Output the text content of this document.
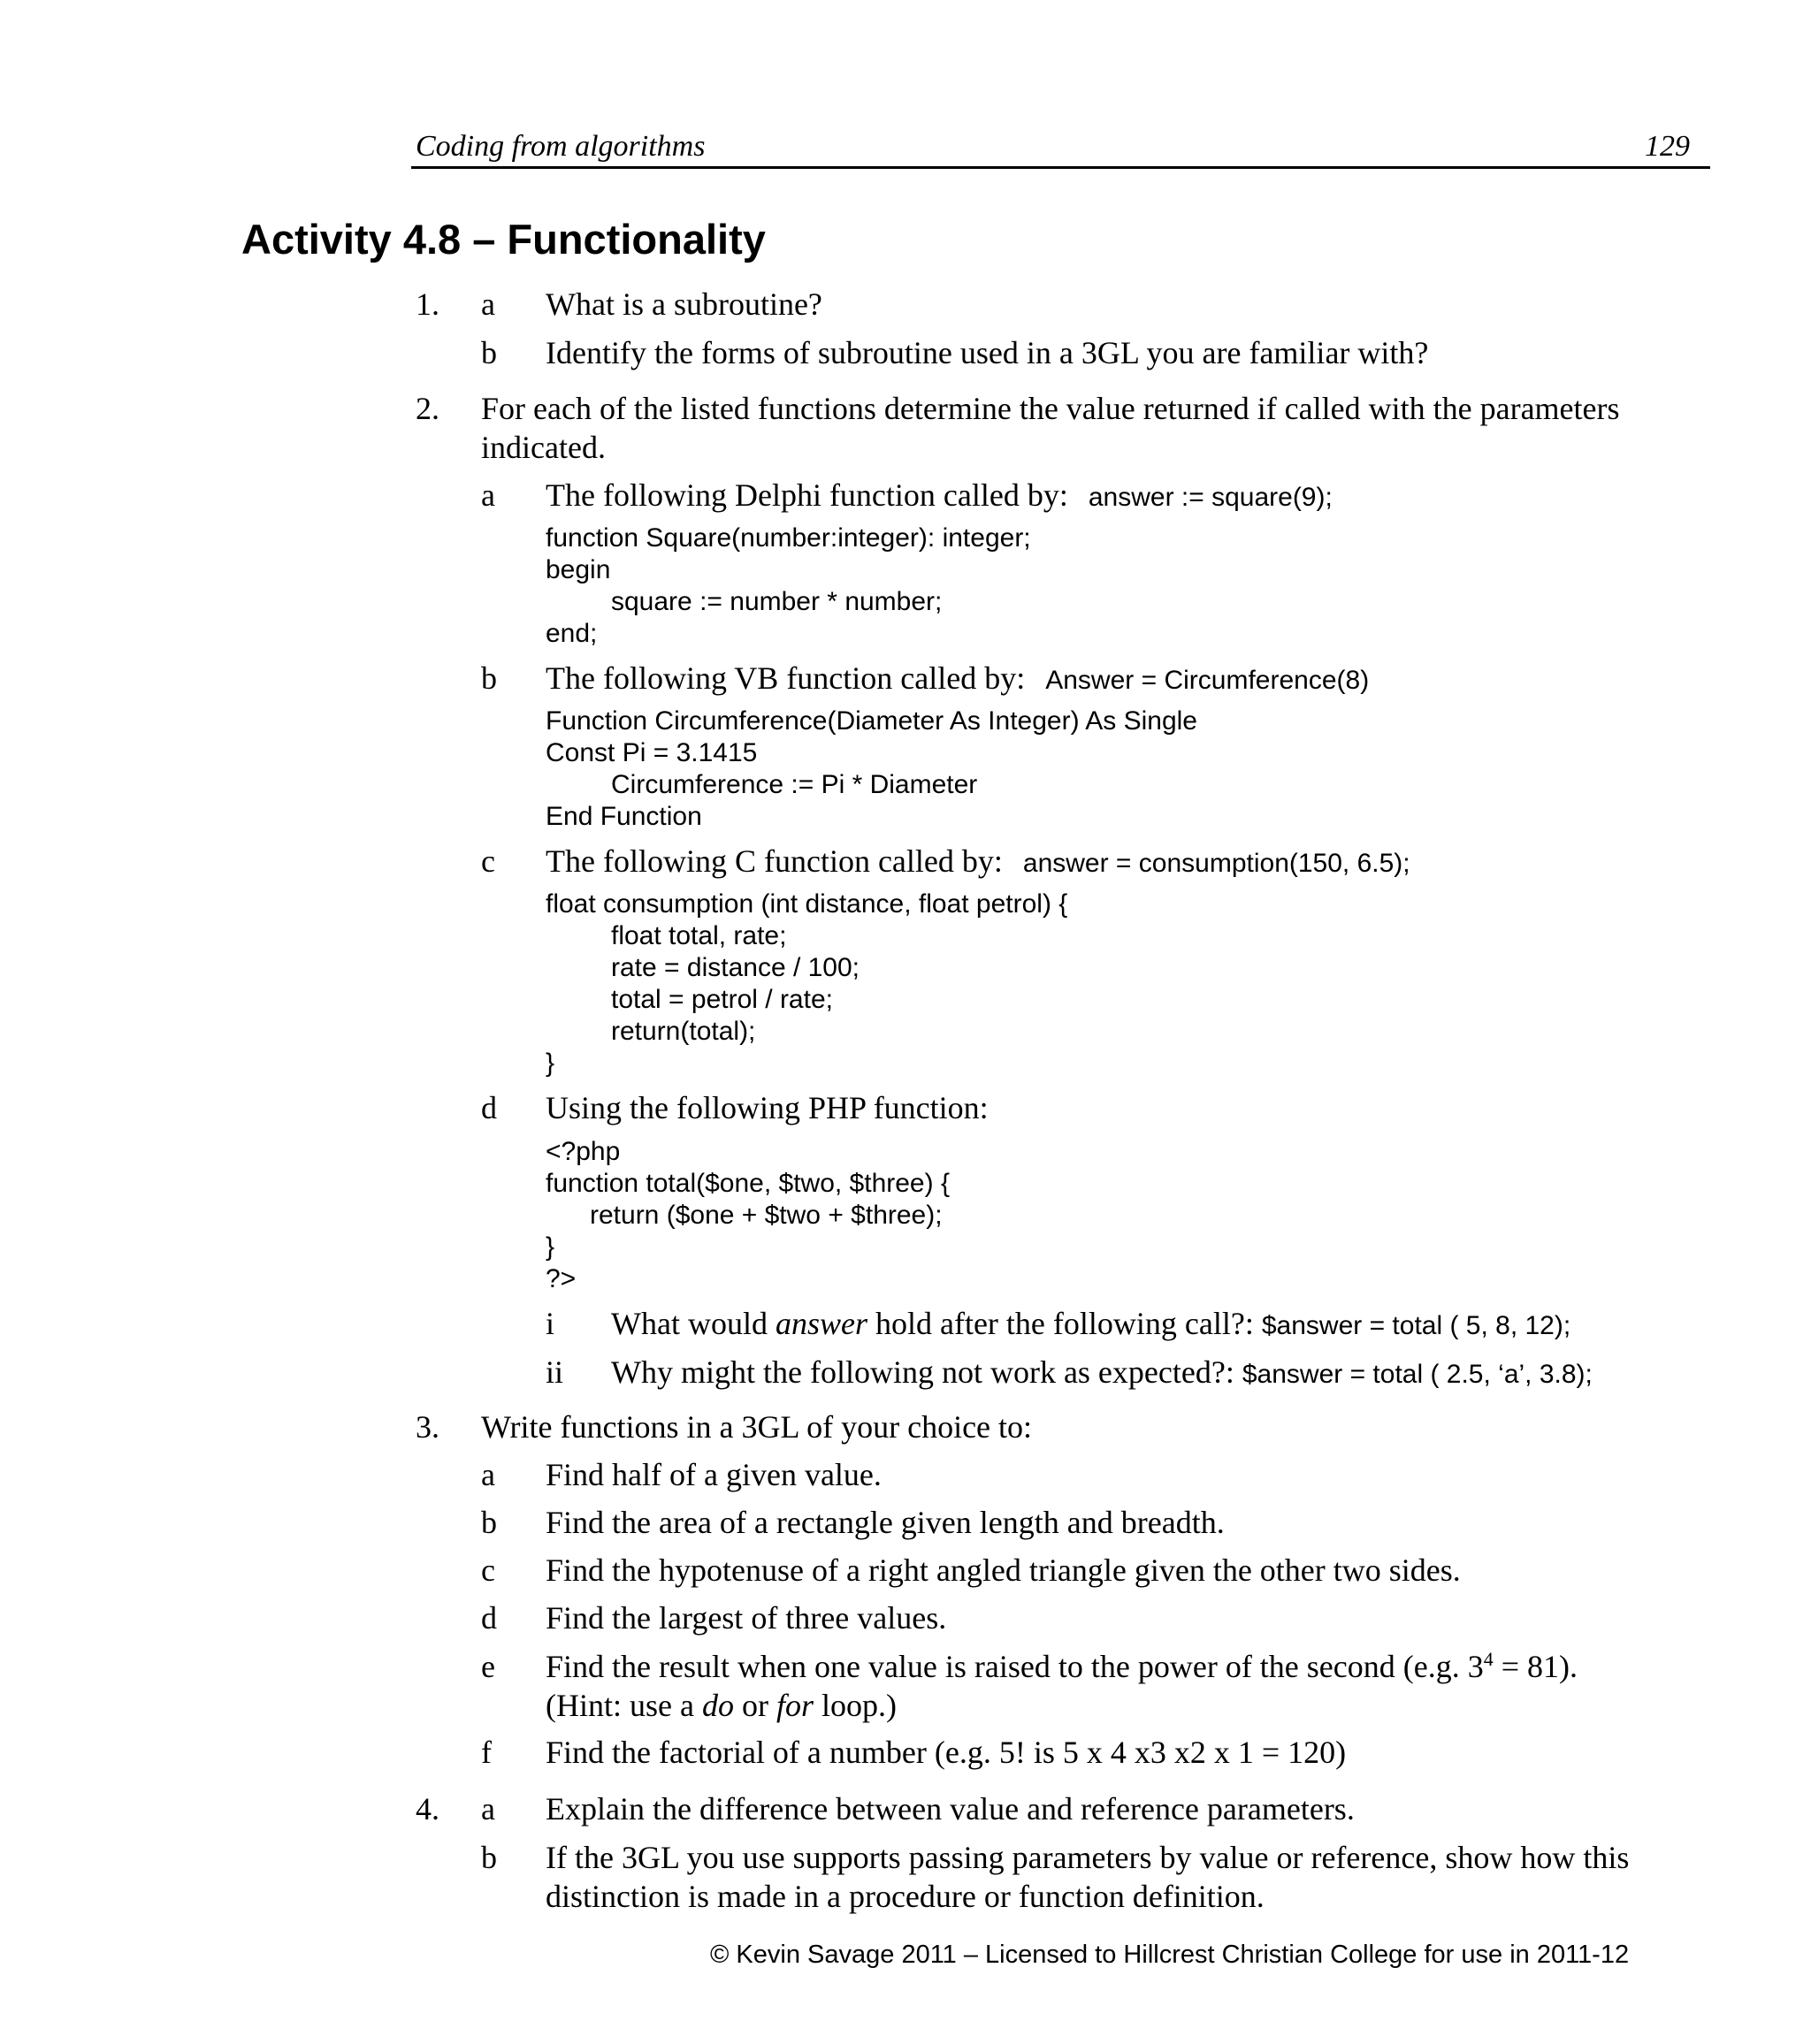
Coding from algorithms	129
Activity 4.8 – Functionality
1. a What is a subroutine?
b Identify the forms of subroutine used in a 3GL you are familiar with?
2. For each of the listed functions determine the value returned if called with the parameters
indicated.
a The following Delphi function called by: answer := square(9);
function Square(number:integer): integer;
begin
square := number * number;
end;
b The following VB function called by: Answer = Circumference(8)
Function Circumference(Diameter As Integer) As Single
Const Pi = 3.1415
Circumference := Pi * Diameter
End Function
c The following C function called by: answer = consumption(150, 6.5);
float consumption (int distance, float petrol) {
float total, rate;
rate = distance / 100;
total = petrol / rate;
return(total);
}
d Using the following PHP function:
<?php
function total($one, $two, $three) {
return ($one + $two + $three);
}
?>
i What would answer hold after the following call?: $answer = total ( 5, 8, 12);
ii Why might the following not work as expected?: $answer = total ( 2.5, ‘a’, 3.8);
3. Write functions in a 3GL of your choice to:
a Find half of a given value.
b Find the area of a rectangle given length and breadth.
c Find the hypotenuse of a right angled triangle given the other two sides.
d Find the largest of three values.
e Find the result when one value is raised to the power of the second (e.g. $3^4 = 81$).
(Hint: use a do or for loop.)
f Find the factorial of a number (e.g. 5! is 5 x 4 x3 x2 x 1 = 120)
4. a Explain the difference between value and reference parameters.
b If the 3GL you use supports passing parameters by value or reference, show how this
distinction is made in a procedure or function definition.
© Kevin Savage 2011 – Licensed to Hillcrest Christian College for use in 2011-12
